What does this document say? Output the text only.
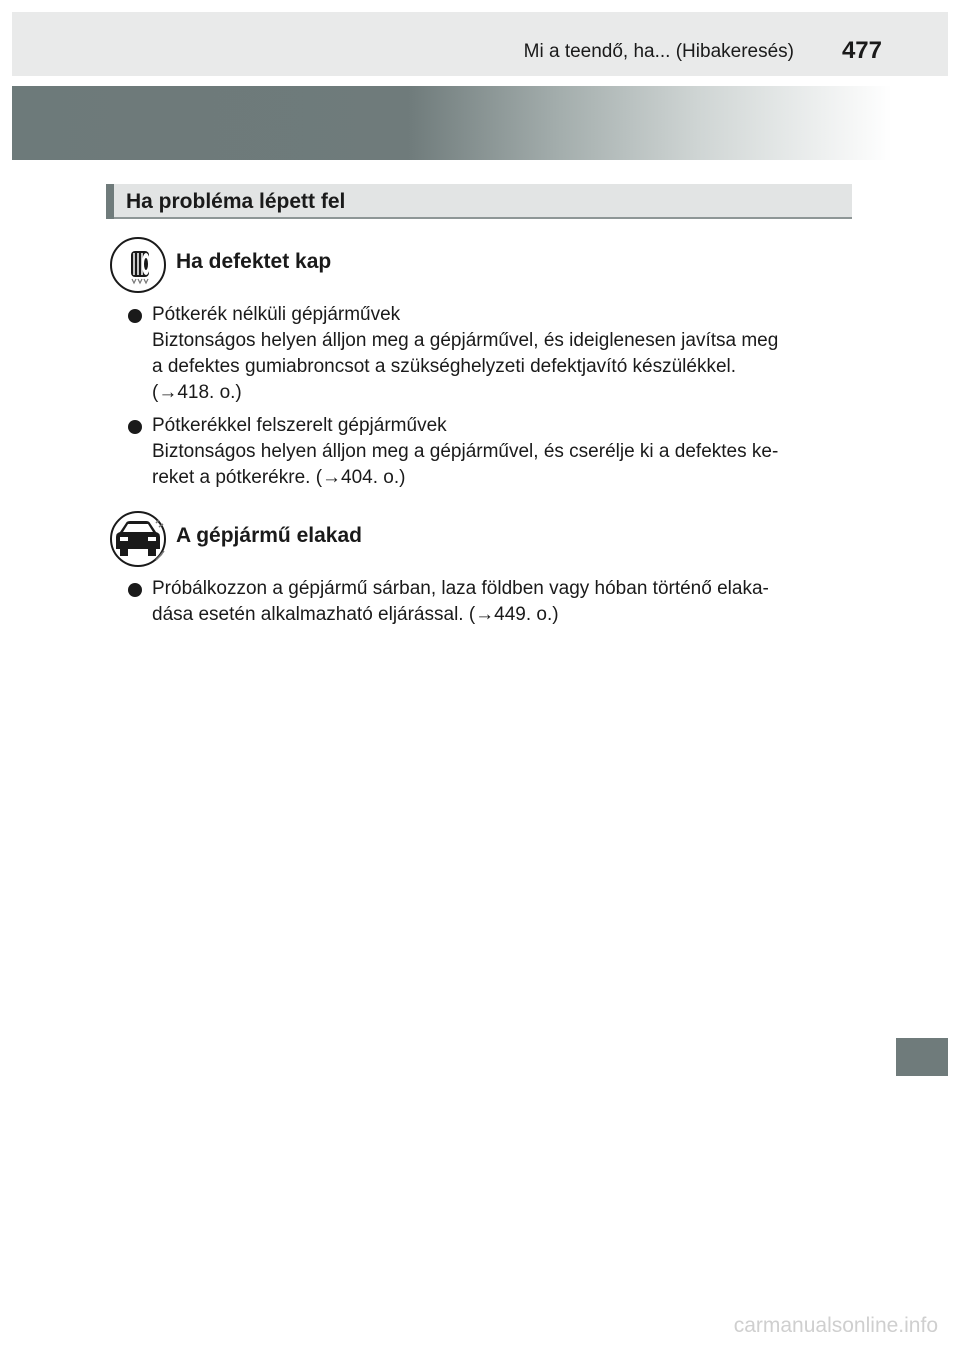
Mi a teendő, ha... (Hibakeresés) 477
Ha probléma lépett fel
Ha defektet kap
Pótkerék nélküli gépjárművek
Biztonságos helyen álljon meg a gépjárművel, és ideiglenesen javítsa meg
a defektes gumiabroncsot a szükséghelyzeti defektjavító készülékkel.
(→418. o.)
Pótkerékkel felszerelt gépjárművek
Biztonságos helyen álljon meg a gépjárművel, és cserélje ki a defektes ke-
reket a pótkerékre. (→404. o.)
A gépjármű elakad
Próbálkozzon a gépjármű sárban, laza földben vagy hóban történő elaka-
dása esetén alkalmazható eljárással. (→449. o.)
carmanualsonline.info
